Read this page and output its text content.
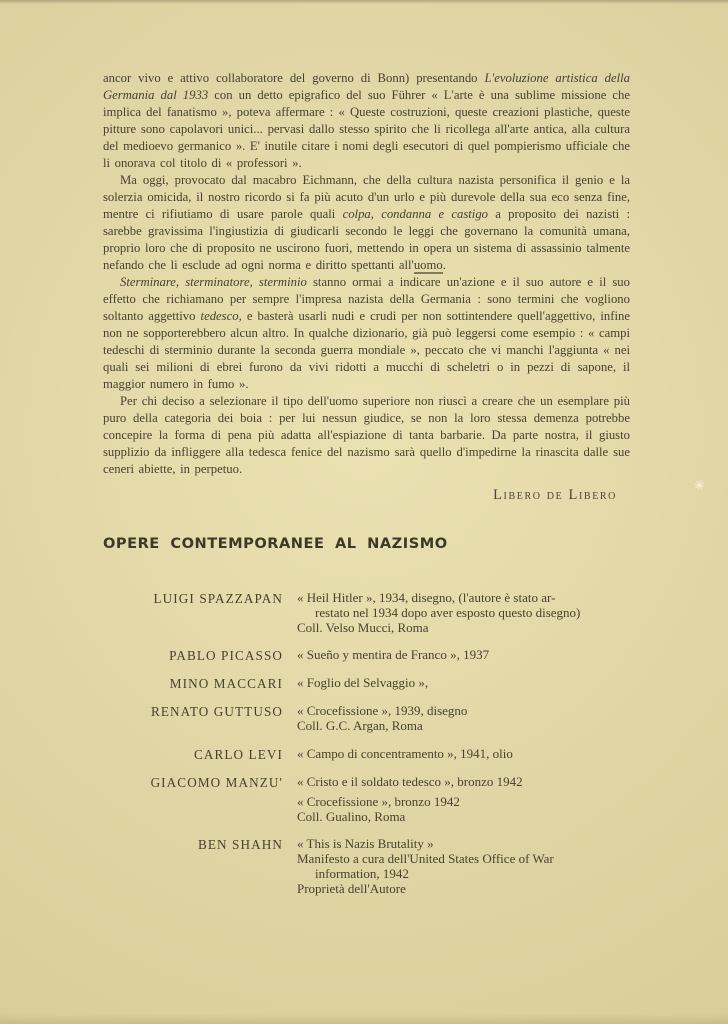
✳

ancor vivo e attivo collaboratore del governo di Bonn) presentando L'evoluzione artistica della Germania dal 1933 con un detto epigrafico del suo Führer « L'arte è una sublime missione che implica del fanatismo », poteva affermare : « Queste costruzioni, queste creazioni plastiche, queste pitture sono capolavori unici... pervasi dallo stesso spirito che li ricollega all'arte antica, alla cultura del medioevo germanico ». E' inutile citare i nomi degli esecutori di quel pompierismo ufficiale che li onorava col titolo di « professori ».

Ma oggi, provocato dal macabro Eichmann, che della cultura nazista personifica il genio e la solerzia omicida, il nostro ricordo si fa più acuto d'un urlo e più durevole della sua eco senza fine, mentre ci rifiutiamo di usare parole quali colpa, condanna e castigo a proposito dei nazisti : sarebbe gravissima l'ingiustizia di giudicarli secondo le leggi che governano la comunità umana, proprio loro che di proposito ne uscirono fuori, mettendo in opera un sistema di assassinio talmente nefando che li esclude ad ogni norma e diritto spettanti all'uomo.

Sterminare, sterminatore, sterminio stanno ormai a indicare un'azione e il suo autore e il suo effetto che richiamano per sempre l'impresa nazista della Germania : sono termini che vogliono soltanto aggettivo tedesco, e basterà usarli nudi e crudi per non sottintendere quell'aggettivo, infine non ne sopporterebbero alcun altro. In qualche dizionario, già può leggersi come esempio : « campi tedeschi di sterminio durante la seconda guerra mondiale », peccato che vi manchi l'aggiunta « nei quali sei milioni di ebrei furono da vivi ridotti a mucchi di scheletri o in pezzi di sapone, il maggior numero in fumo ».

Per chi deciso a selezionare il tipo dell'uomo superiore non riuscì a creare che un esemplare più puro della categoria dei boia : per lui nessun giudice, se non la loro stessa demenza potrebbe concepire la forma di pena più adatta all'espiazione di tanta barbarie. Da parte nostra, il giusto supplizio da infliggere alla tedesca fenice del nazismo sarà quello d'impedirne la rinascita dalle sue ceneri abiette, in perpetuo.

Libero de Libero
OPERE CONTEMPORANEE AL NAZISMO
LUIGI SPAZZAPAN « Heil Hitler », 1934, disegno, (l'autore è stato ar-
restato nel 1934 dopo aver esposto questo disegno)
Coll. Velso Mucci, Roma
PABLO PICASSO « Sueño y mentira de Franco », 1937
MINO MACCARI « Foglio del Selvaggio »,
RENATO GUTTUSO « Crocefissione », 1939, disegno
Coll. G.C. Argan, Roma
CARLO LEVI « Campo di concentramento », 1941, olio
GIACOMO MANZU' « Cristo e il soldato tedesco », bronzo 1942
« Crocefissione », bronzo 1942
Coll. Gualino, Roma
BEN SHAHN « This is Nazis Brutality »
Manifesto a cura dell'United States Office of War
information, 1942
Proprietà dell'Autore
